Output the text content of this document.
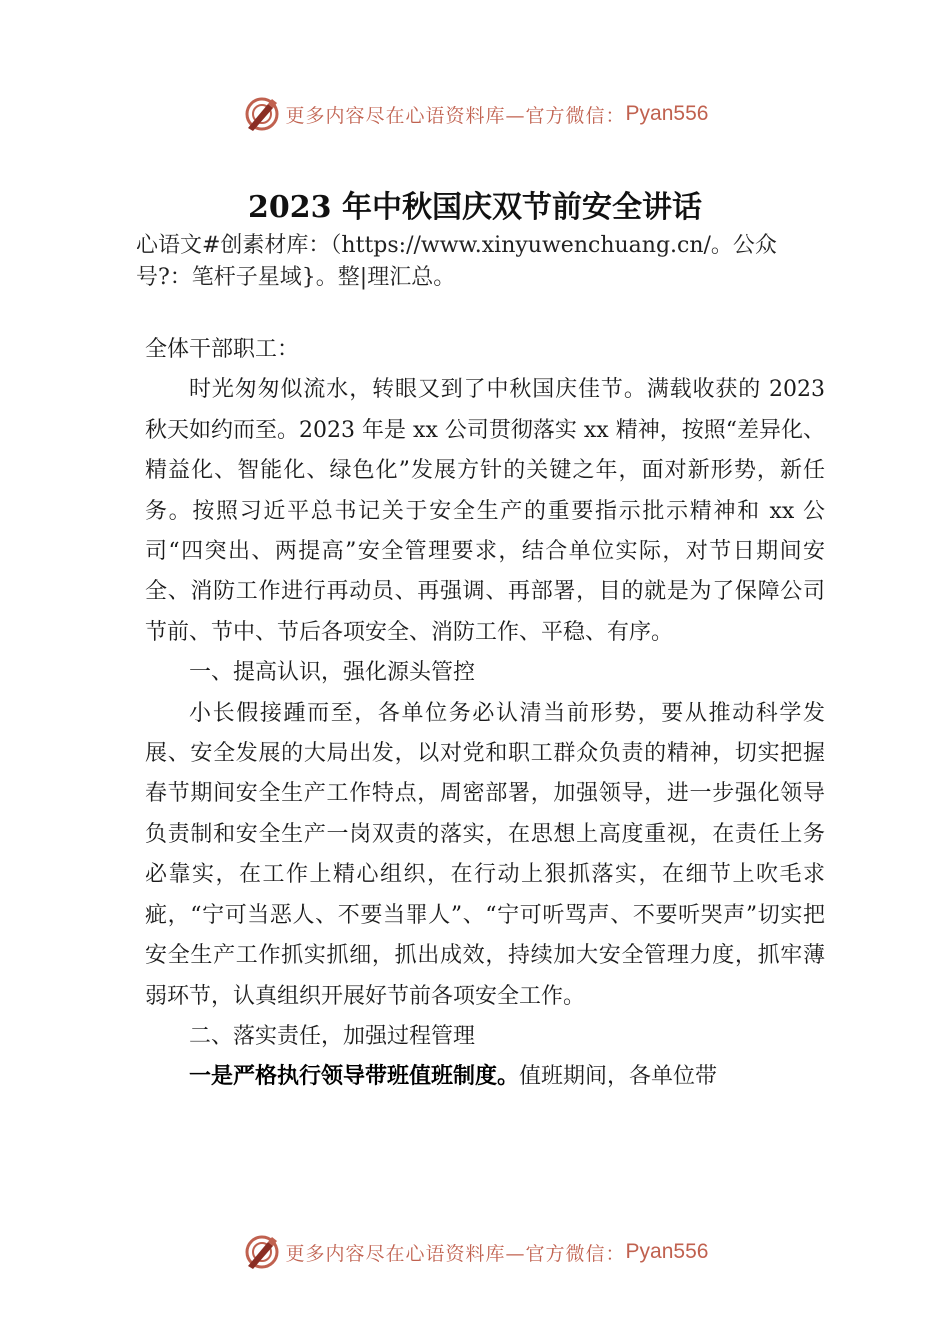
更多内容尽在心语资料库—官方微信： Pyan556
2023 年中秋国庆双节前安全讲话

心语文#创素材库：（https://www.xinyuwenchuang.cn/。公众号?：笔杆子星域}。整|理汇总。

全体干部职工：

时光匆匆似流水，转眼又到了中秋国庆佳节。满载收获的 2023 秋天如约而至。2023 年是 xx 公司贯彻落实 xx 精神，按照“差异化、精益化、智能化、绿色化”发展方针的关键之年，面对新形势，新任务。按照习近平总书记关于安全生产的重要指示批示精神和 xx 公司“四突出、两提高”安全管理要求，结合单位实际，对节日期间安全、消防工作进行再动员、再强调、再部署，目的就是为了保障公司节前、节中、节后各项安全、消防工作、平稳、有序。

一、提高认识，强化源头管控

小长假接踵而至，各单位务必认清当前形势，要从推动科学发展、安全发展的大局出发，以对党和职工群众负责的精神，切实把握春节期间安全生产工作特点，周密部署，加强领导，进一步强化领导负责制和安全生产一岗双责的落实，在思想上高度重视，在责任上务必靠实，在工作上精心组织，在行动上狠抓落实，在细节上吹毛求疵，“宁可当恶人、不要当罪人”、“宁可听骂声、不要听哭声”切实把安全生产工作抓实抓细，抓出成效，持续加大安全管理力度，抓牢薄弱环节，认真组织开展好节前各项安全工作。

二、落实责任，加强过程管理

一是严格执行领导带班值班制度。值班期间，各单位带

更多内容尽在心语资料库—官方微信： Pyan556
